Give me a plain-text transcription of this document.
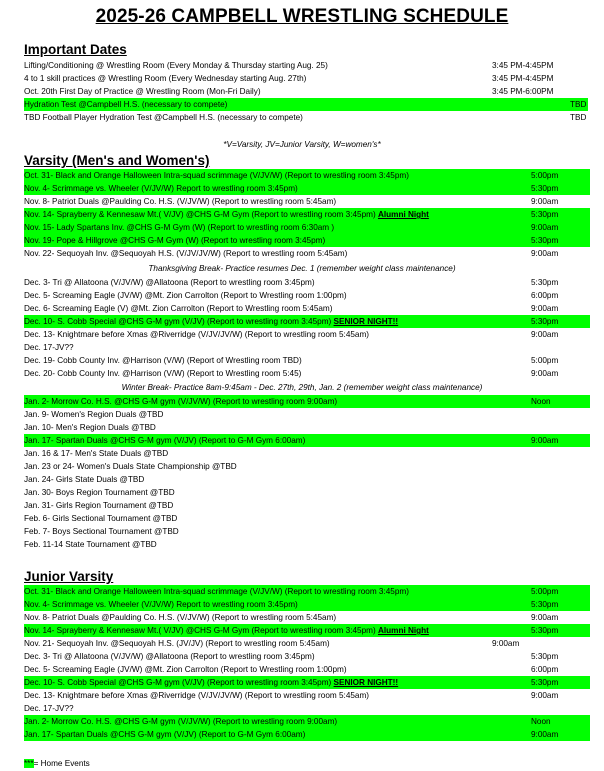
2025-26 CAMPBELL WRESTLING SCHEDULE
Important Dates
Lifting/Conditioning @ Wrestling Room (Every Monday & Thursday starting Aug. 25)	3:45 PM-4:45PM
4 to 1 skill practices @ Wrestling Room (Every Wednesday starting Aug. 27th)	3:45 PM-4:45PM
Oct. 20th First Day of Practice @ Wrestling Room (Mon-Fri Daily)	3:45 PM-6:00PM
Hydration Test @Campbell H.S. (necessary to compete)	TBD
TBD Football Player Hydration Test @Campbell H.S. (necessary to compete)	TBD
*V=Varsity, JV=Junior Varsity, W=women's*
Varsity (Men's and Women's)
Oct. 31- Black and Orange Halloween Intra-squad scrimmage (V/JV/W) (Report to wrestling room 3:45pm)	5:00pm
Nov. 4- Scrimmage vs. Wheeler (V/JV/W) Report to wrestling room 3:45pm)	5:30pm
Nov. 8- Patriot Duals @Paulding Co. H.S. (V/JV/W) (Report to wrestling room 5:45am)	9:00am
Nov. 14- Sprayberry & Kennesaw Mt.( V/JV) @CHS G-M Gym (Report to wrestling room 3:45pm) Alumni Night	5:30pm
Nov. 15- Lady Spartans Inv. @CHS G-M Gym (W) (Report to wrestling room 6:30am )	9:00am
Nov. 19- Pope & Hillgrove @CHS G-M Gym (W) (Report to wrestling room 3:45pm)	5:30pm
Nov. 22- Sequoyah Inv. @Sequoyah H.S. (V/JV/JV/W) (Report to wrestling room 5:45am)	9:00am
Thanksgiving Break- Practice resumes Dec. 1 (remember weight class maintenance)
Dec. 3- Tri @ Allatoona (V/JV/W) @Allatoona (Report to wrestling room 3:45pm)	5:30pm
Dec. 5- Screaming Eagle (JV/W) @Mt. Zion Carrolton (Report to Wrestling room 1:00pm)	6:00pm
Dec. 6- Screaming Eagle (V) @Mt. Zion Carrolton (Report to Wrestling room 5:45am)	9:00am
Dec. 10- S. Cobb Special @CHS G-M gym (V/JV) (Report to wrestling room 3:45pm) SENIOR NIGHT!!	5:30pm
Dec. 13- Knightmare before Xmas @Riverridge (V/JV/JV/W) (Report to wrestling room 5:45am)	9:00am
Dec. 17-JV??
Dec. 19- Cobb County Inv. @Harrison (V/W) (Report of Wrestling room TBD)	5:00pm
Dec. 20- Cobb County Inv. @Harrison (V/W) (Report to Wrestling room 5:45)	9:00am
Winter Break- Practice 8am-9:45am - Dec. 27th, 29th, Jan. 2 (remember weight class maintenance)
Jan. 2- Morrow Co. H.S. @CHS G-M gym (V/JV/W) (Report to wrestling room 9:00am)	Noon
Jan. 9- Women's Region Duals @TBD
Jan. 10- Men's Region Duals @TBD
Jan. 17- Spartan Duals @CHS G-M gym (V/JV) (Report to G-M Gym 6:00am)	9:00am
Jan. 16 & 17- Men's State Duals @TBD
Jan. 23 or 24- Women's Duals State Championship @TBD
Jan. 24- Girls State Duals @TBD
Jan. 30- Boys Region Tournament @TBD
Jan. 31- Girls Region Tournament @TBD
Feb. 6- Girls Sectional Tournament @TBD
Feb. 7- Boys Sectional Tournament @TBD
Feb. 11-14 State Tournament @TBD
Junior Varsity
Oct. 31- Black and Orange Halloween Intra-squad scrimmage (V/JV/W) (Report to wrestling room 3:45pm)	5:00pm
Nov. 4- Scrimmage vs. Wheeler (V/JV/W) Report to wrestling room 3:45pm)	5:30pm
Nov. 8- Patriot Duals @Paulding Co. H.S. (V/JV/W) (Report to wrestling room 5:45am)	9:00am
Nov. 14- Sprayberry & Kennesaw Mt.( V/JV) @CHS G-M Gym (Report to wrestling room 3:45pm) Alumni Night	5:30pm
Nov. 21- Sequoyah Inv. @Sequoyah H.S. (JV/JV) (Report to wrestling room 5:45am)	9:00am
Dec. 3- Tri @ Allatoona (V/JV/W) @Allatoona (Report to wrestling room 3:45pm)	5:30pm
Dec. 5- Screaming Eagle (JV/W) @Mt. Zion Carrolton (Report to Wrestling room 1:00pm)	6:00pm
Dec. 10- S. Cobb Special @CHS G-M gym (V/JV) (Report to wrestling room 3:45pm) SENIOR NIGHT!!	5:30pm
Dec. 13- Knightmare before Xmas @Riverridge (V/JV/JV/W) (Report to wrestling room 5:45am)	9:00am
Dec. 17-JV??
Jan. 2- Morrow Co. H.S. @CHS G-M gym (V/JV/W) (Report to wrestling room 9:00am)	Noon
Jan. 17- Spartan Duals @CHS G-M gym (V/JV) (Report to G-M Gym 6:00am)	9:00am
***= Home Events
